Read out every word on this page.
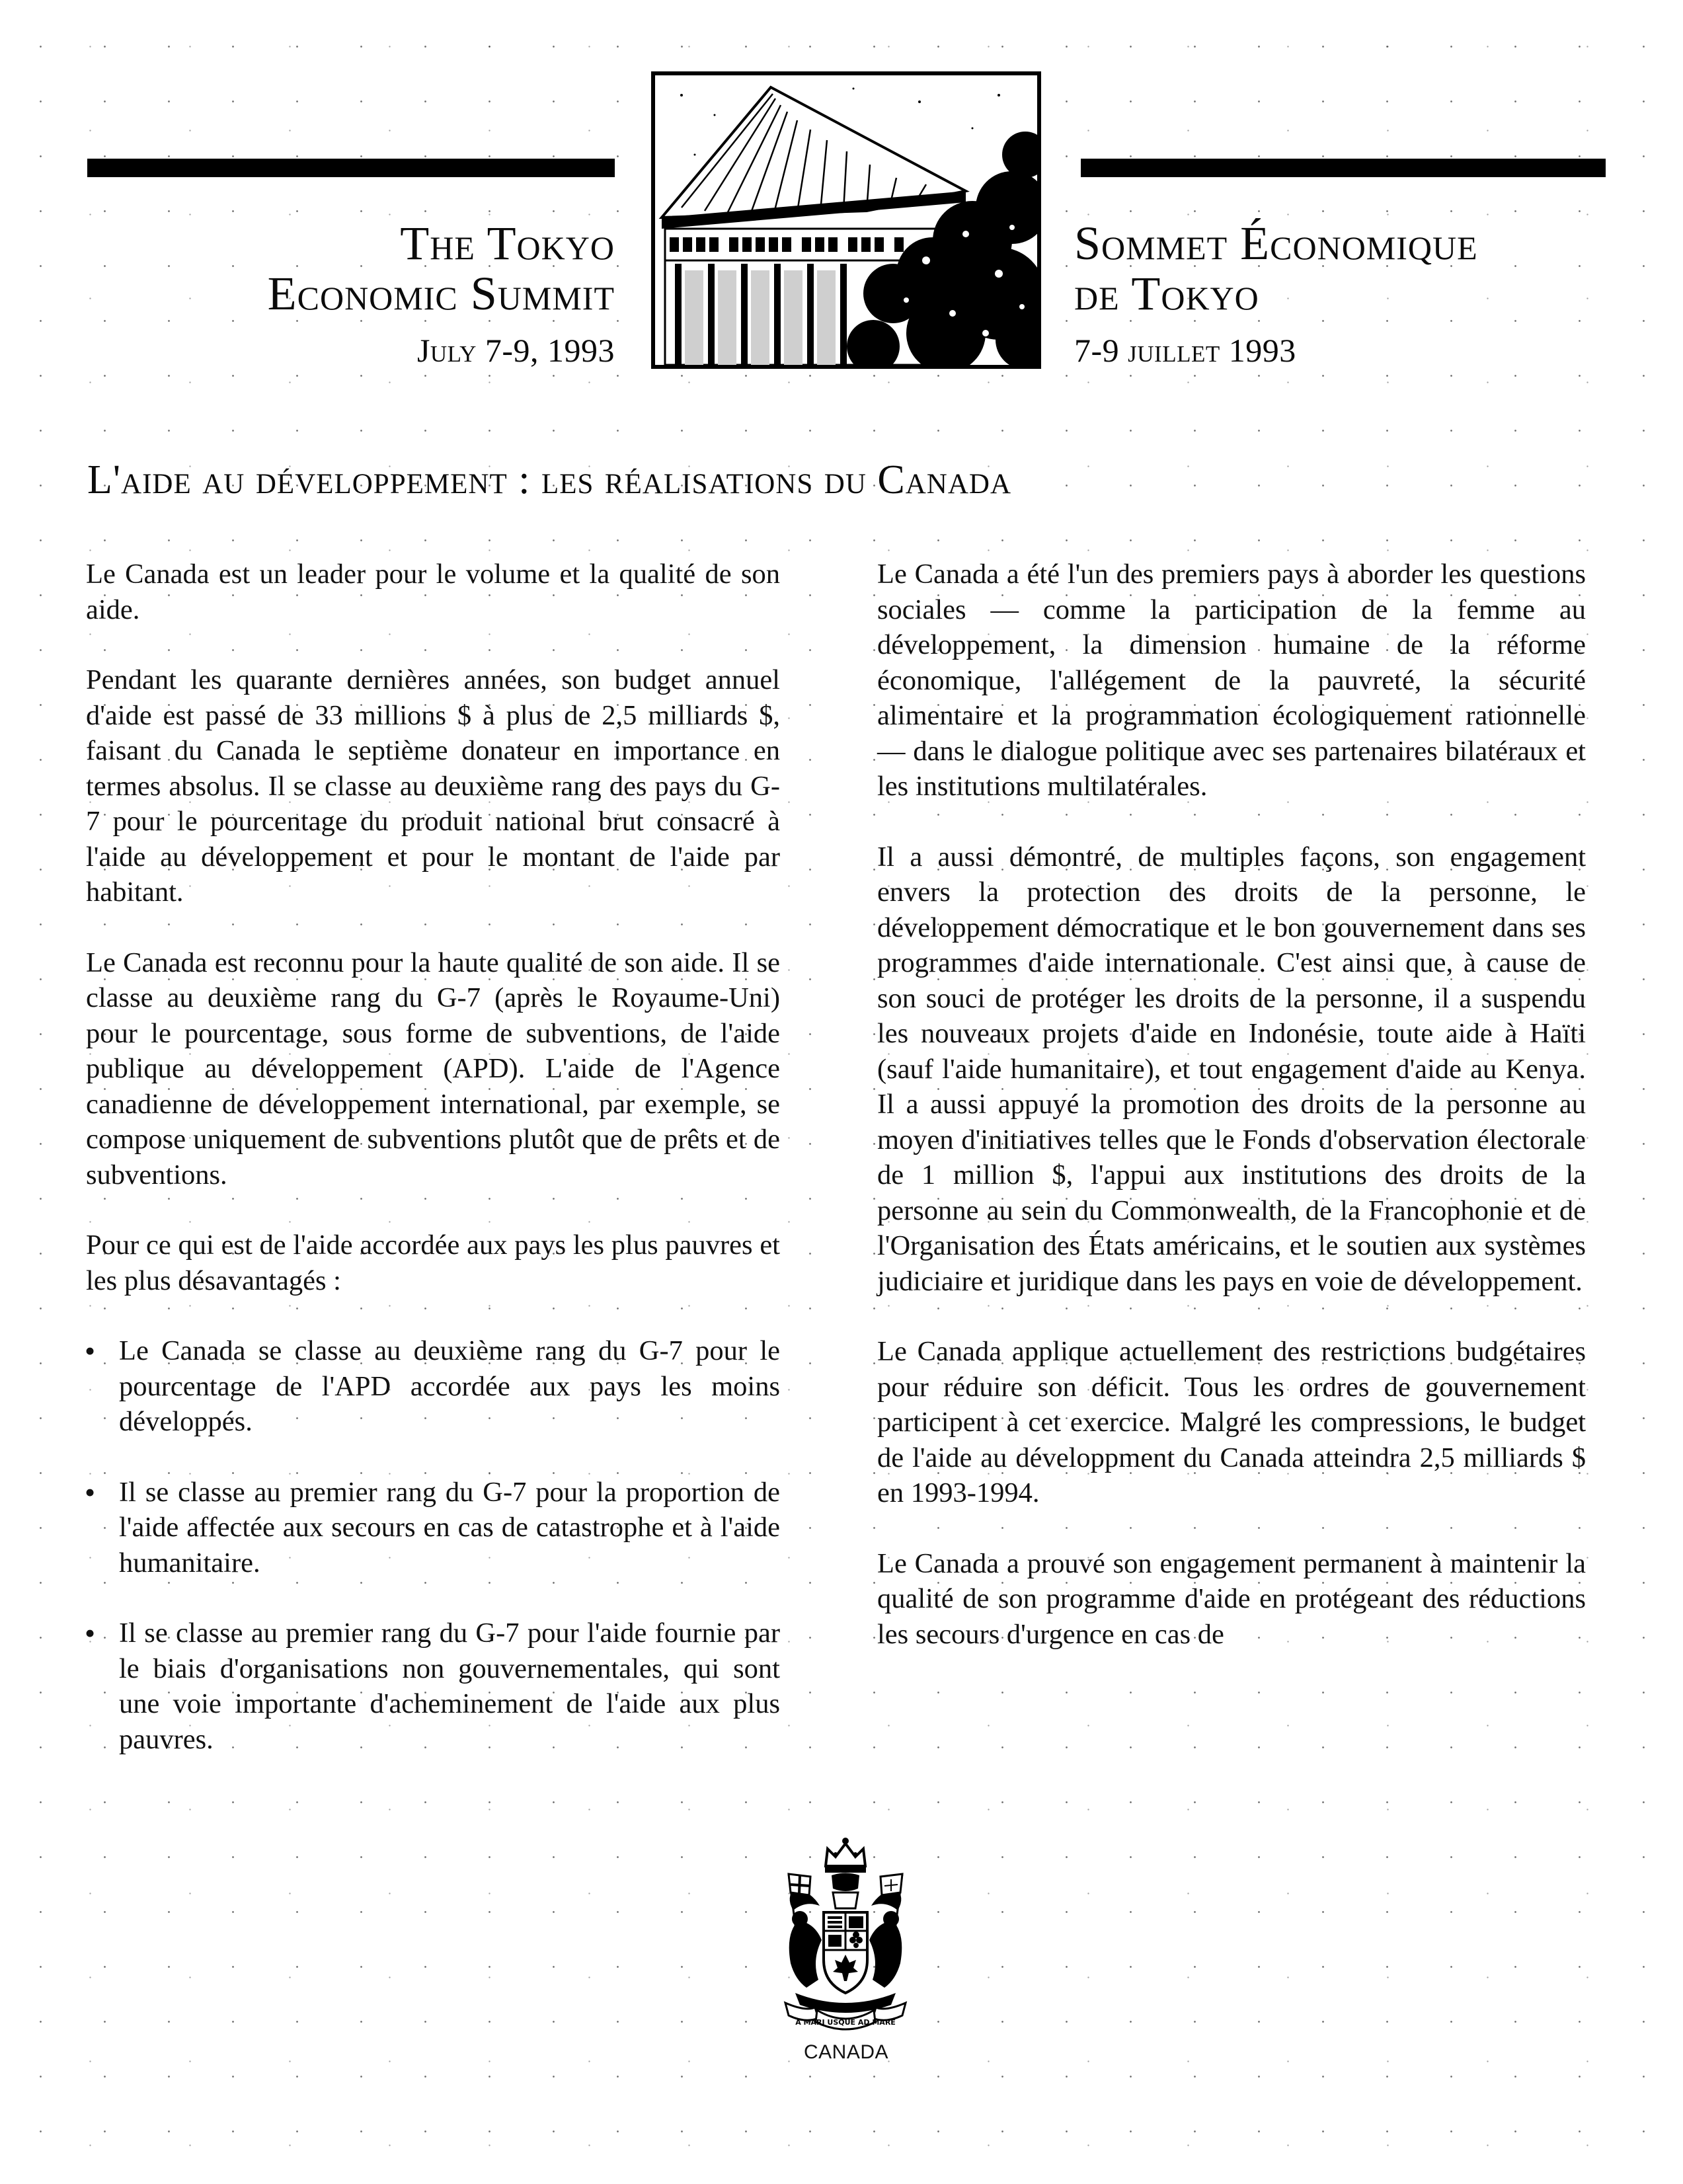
The Tokyo
Economic Summit
July 7-9, 1993
Sommet Économique
de Tokyo
7-9 juillet 1993
L'aide au développement : les réalisations du Canada

Le Canada est un leader pour le volume et la qualité de son aide.

Pendant les quarante dernières années, son budget annuel d'aide est passé de 33 millions $ à plus de 2,5 milliards $, faisant du Canada le septième donateur en importance en termes absolus. Il se classe au deuxième rang des pays du G-7 pour le pourcentage du produit national brut consacré à l'aide au développement et pour le montant de l'aide par habitant.

Le Canada est reconnu pour la haute qualité de son aide. Il se classe au deuxième rang du G-7 (après le Royaume-Uni) pour le pourcentage, sous forme de subventions, de l'aide publique au développement (APD). L'aide de l'Agence canadienne de développement international, par exemple, se compose uniquement de subventions plutôt que de prêts et de subventions.

Pour ce qui est de l'aide accordée aux pays les plus pauvres et les plus désavantagés :

• Le Canada se classe au deuxième rang du G-7 pour le pourcentage de l'APD accordée aux pays les moins développés.
• Il se classe au premier rang du G-7 pour la proportion de l'aide affectée aux secours en cas de catastrophe et à l'aide humanitaire.
• Il se classe au premier rang du G-7 pour l'aide fournie par le biais d'organisations non gouvernementales, qui sont une voie importante d'acheminement de l'aide aux plus pauvres.

Le Canada a été l'un des premiers pays à aborder les questions sociales — comme la participation de la femme au développement, la dimension humaine de la réforme économique, l'allégement de la pauvreté, la sécurité alimentaire et la programmation écologiquement rationnelle — dans le dialogue politique avec ses partenaires bilatéraux et les institutions multilatérales.

Il a aussi démontré, de multiples façons, son engagement envers la protection des droits de la personne, le développement démocratique et le bon gouvernement dans ses programmes d'aide internationale. C'est ainsi que, à cause de son souci de protéger les droits de la personne, il a suspendu les nouveaux projets d'aide en Indonésie, toute aide à Haïti (sauf l'aide humanitaire), et tout engagement d'aide au Kenya. Il a aussi appuyé la promotion des droits de la personne au moyen d'initiatives telles que le Fonds d'observation électorale de 1 million $, l'appui aux institutions des droits de la personne au sein du Commonwealth, de la Francophonie et de l'Organisation des États américains, et le soutien aux systèmes judiciaire et juridique dans les pays en voie de développement.

Le Canada applique actuellement des restrictions budgétaires pour réduire son déficit. Tous les ordres de gouvernement participent à cet exercice. Malgré les compressions, le budget de l'aide au développment du Canada atteindra 2,5 milliards $ en 1993-1994.

Le Canada a prouvé son engagement permanent à maintenir la qualité de son programme d'aide en protégeant des réductions les secours d'urgence en cas de

A MARI USQUE AD MARE
CANADA
